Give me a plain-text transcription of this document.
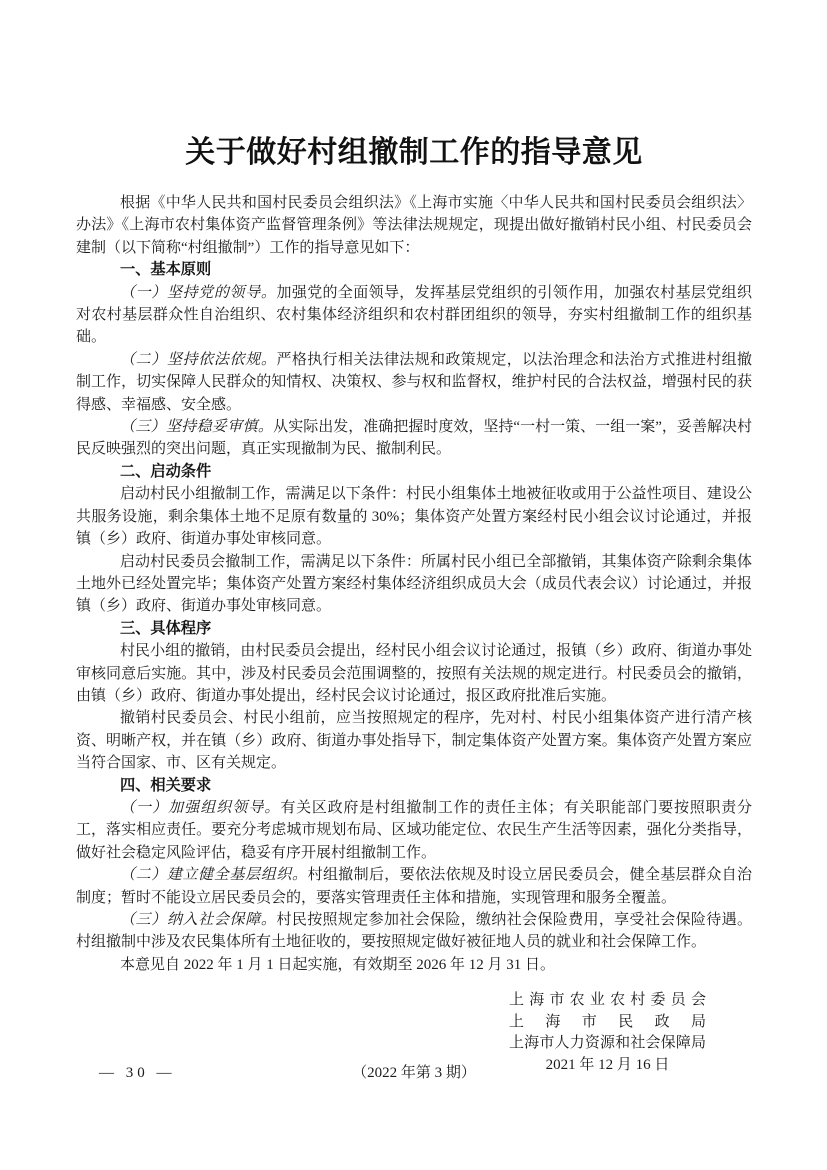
关于做好村组撤制工作的指导意见

根据《中华人民共和国村民委员会组织法》《上海市实施〈中华人民共和国村民委员会组织法〉办法》《上海市农村集体资产监督管理条例》等法律法规规定，现提出做好撤销村民小组、村民委员会建制（以下简称“村组撤制”）工作的指导意见如下：

一、基本原则

（一）坚持党的领导。加强党的全面领导，发挥基层党组织的引领作用，加强农村基层党组织对农村基层群众性自治组织、农村集体经济组织和农村群团组织的领导，夯实村组撤制工作的组织基础。

（二）坚持依法依规。严格执行相关法律法规和政策规定，以法治理念和法治方式推进村组撤制工作，切实保障人民群众的知情权、决策权、参与权和监督权，维护村民的合法权益，增强村民的获得感、幸福感、安全感。

（三）坚持稳妥审慎。从实际出发，准确把握时度效，坚持“一村一策、一组一案”，妥善解决村民反映强烈的突出问题，真正实现撤制为民、撤制利民。

二、启动条件

启动村民小组撤制工作，需满足以下条件：村民小组集体土地被征收或用于公益性项目、建设公共服务设施，剩余集体土地不足原有数量的 30%；集体资产处置方案经村民小组会议讨论通过，并报镇（乡）政府、街道办事处审核同意。

启动村民委员会撤制工作，需满足以下条件：所属村民小组已全部撤销，其集体资产除剩余集体土地外已经处置完毕；集体资产处置方案经村集体经济组织成员大会（成员代表会议）讨论通过，并报镇（乡）政府、街道办事处审核同意。

三、具体程序

村民小组的撤销，由村民委员会提出，经村民小组会议讨论通过，报镇（乡）政府、街道办事处审核同意后实施。其中，涉及村民委员会范围调整的，按照有关法规的规定进行。村民委员会的撤销，由镇（乡）政府、街道办事处提出，经村民会议讨论通过，报区政府批准后实施。

撤销村民委员会、村民小组前，应当按照规定的程序，先对村、村民小组集体资产进行清产核资、明晰产权，并在镇（乡）政府、街道办事处指导下，制定集体资产处置方案。集体资产处置方案应当符合国家、市、区有关规定。

四、相关要求

（一）加强组织领导。有关区政府是村组撤制工作的责任主体；有关职能部门要按照职责分工，落实相应责任。要充分考虑城市规划布局、区域功能定位、农民生产生活等因素，强化分类指导，做好社会稳定风险评估，稳妥有序开展村组撤制工作。

（二）建立健全基层组织。村组撤制后，要依法依规及时设立居民委员会，健全基层群众自治制度；暂时不能设立居民委员会的，要落实管理责任主体和措施，实现管理和服务全覆盖。

（三）纳入社会保障。村民按照规定参加社会保险，缴纳社会保险费用，享受社会保险待遇。村组撤制中涉及农民集体所有土地征收的，要按照规定做好被征地人员的就业和社会保障工作。

本意见自 2022 年 1 月 1 日起实施，有效期至 2026 年 12 月 31 日。

上海市农业农村委员会
上海市民政局
上海市人力资源和社会保障局
2021 年 12 月 16 日
— 30 —	（2022 年第 3 期）
